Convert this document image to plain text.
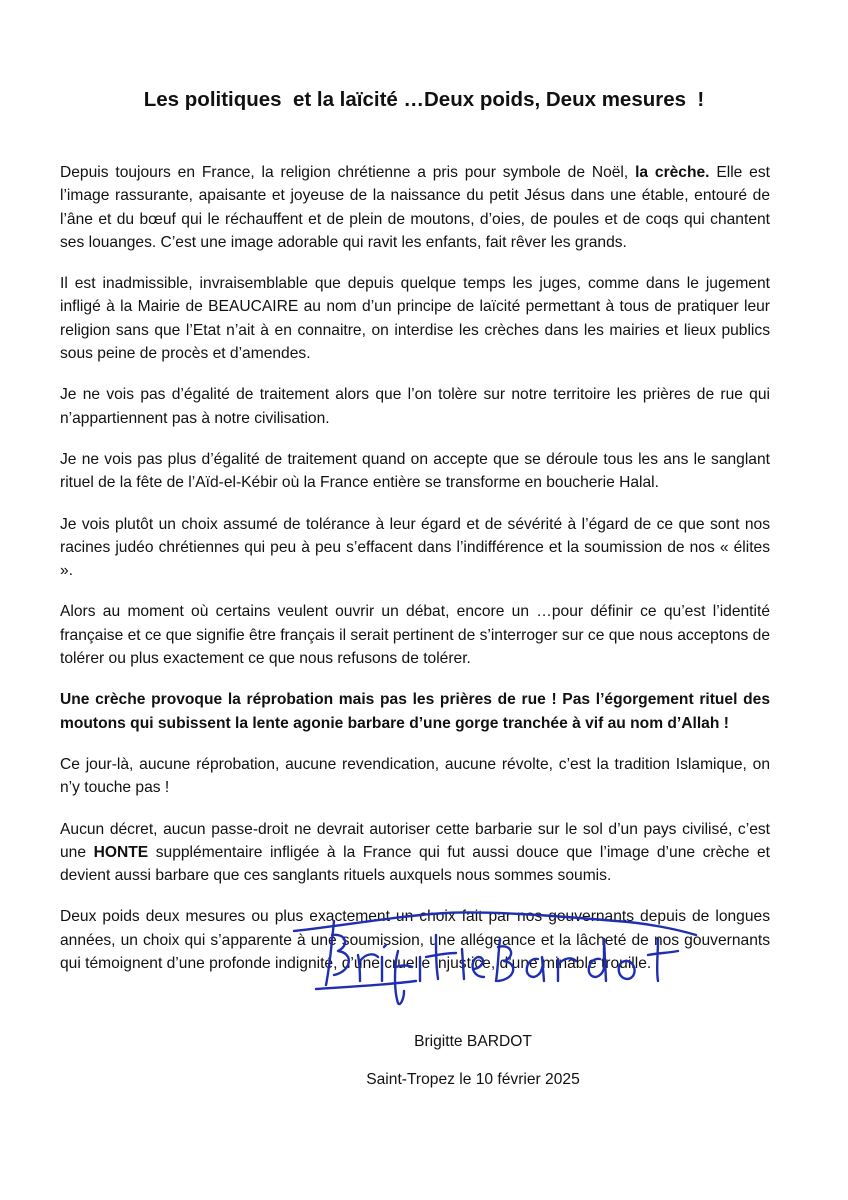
Les politiques  et la laïcité …Deux poids, Deux mesures  !

Depuis toujours en France, la religion chrétienne a pris pour symbole de Noël, la crèche. Elle est l’image rassurante, apaisante et joyeuse de la naissance du petit Jésus dans une étable, entouré de l’âne et du bœuf qui le réchauffent et de plein de moutons, d’oies, de poules et de coqs qui chantent ses louanges. C’est une image adorable qui ravit les enfants, fait rêver les grands.

Il est inadmissible, invraisemblable que depuis quelque temps les juges, comme dans le jugement infligé à la Mairie de BEAUCAIRE au nom d’un principe de laïcité permettant à tous de pratiquer leur religion sans que l’Etat n’ait à en connaitre, on interdise les crèches dans les mairies et lieux publics sous peine de procès et d’amendes.

Je ne vois pas d’égalité de traitement alors que l’on tolère sur notre territoire les prières de rue qui n’appartiennent pas à notre civilisation.

Je ne vois pas plus d’égalité de traitement quand on accepte que se déroule tous les ans le sanglant rituel de la fête de l’Aïd-el-Kébir où la France entière se transforme en boucherie Halal.

Je vois plutôt un choix assumé de tolérance à leur égard et de sévérité à l’égard de ce que sont nos racines judéo chrétiennes qui peu à peu s’effacent dans l’indifférence et la soumission de nos « élites ».

Alors au moment où certains veulent ouvrir un débat, encore un …pour définir ce qu’est l’identité française et ce que signifie être français il serait pertinent de s’interroger sur ce que nous acceptons de tolérer ou plus exactement ce que nous refusons de tolérer.

Une crèche provoque la réprobation mais pas les prières de rue ! Pas l’égorgement rituel des moutons qui subissent la lente agonie barbare d’une gorge tranchée à vif au nom d’Allah !

Ce jour-là, aucune réprobation, aucune revendication, aucune révolte, c’est la tradition Islamique, on n’y touche pas !

Aucun décret, aucun passe-droit ne devrait autoriser cette barbarie sur le sol d’un pays civilisé, c’est une HONTE supplémentaire infligée à la France qui fut aussi douce que l’image d’une crèche et devient aussi barbare que ces sanglants rituels auxquels nous sommes soumis.

Deux poids deux mesures ou plus exactement un choix fait par nos gouvernants depuis de longues années, un choix qui s’apparente à une soumission, une allégeance et la lâcheté de nos gouvernants qui témoignent d’une profonde indignité, d’une cruelle injustice, d’une minable trouille.

Brigitte BARDOT

Saint-Tropez le 10 février 2025
